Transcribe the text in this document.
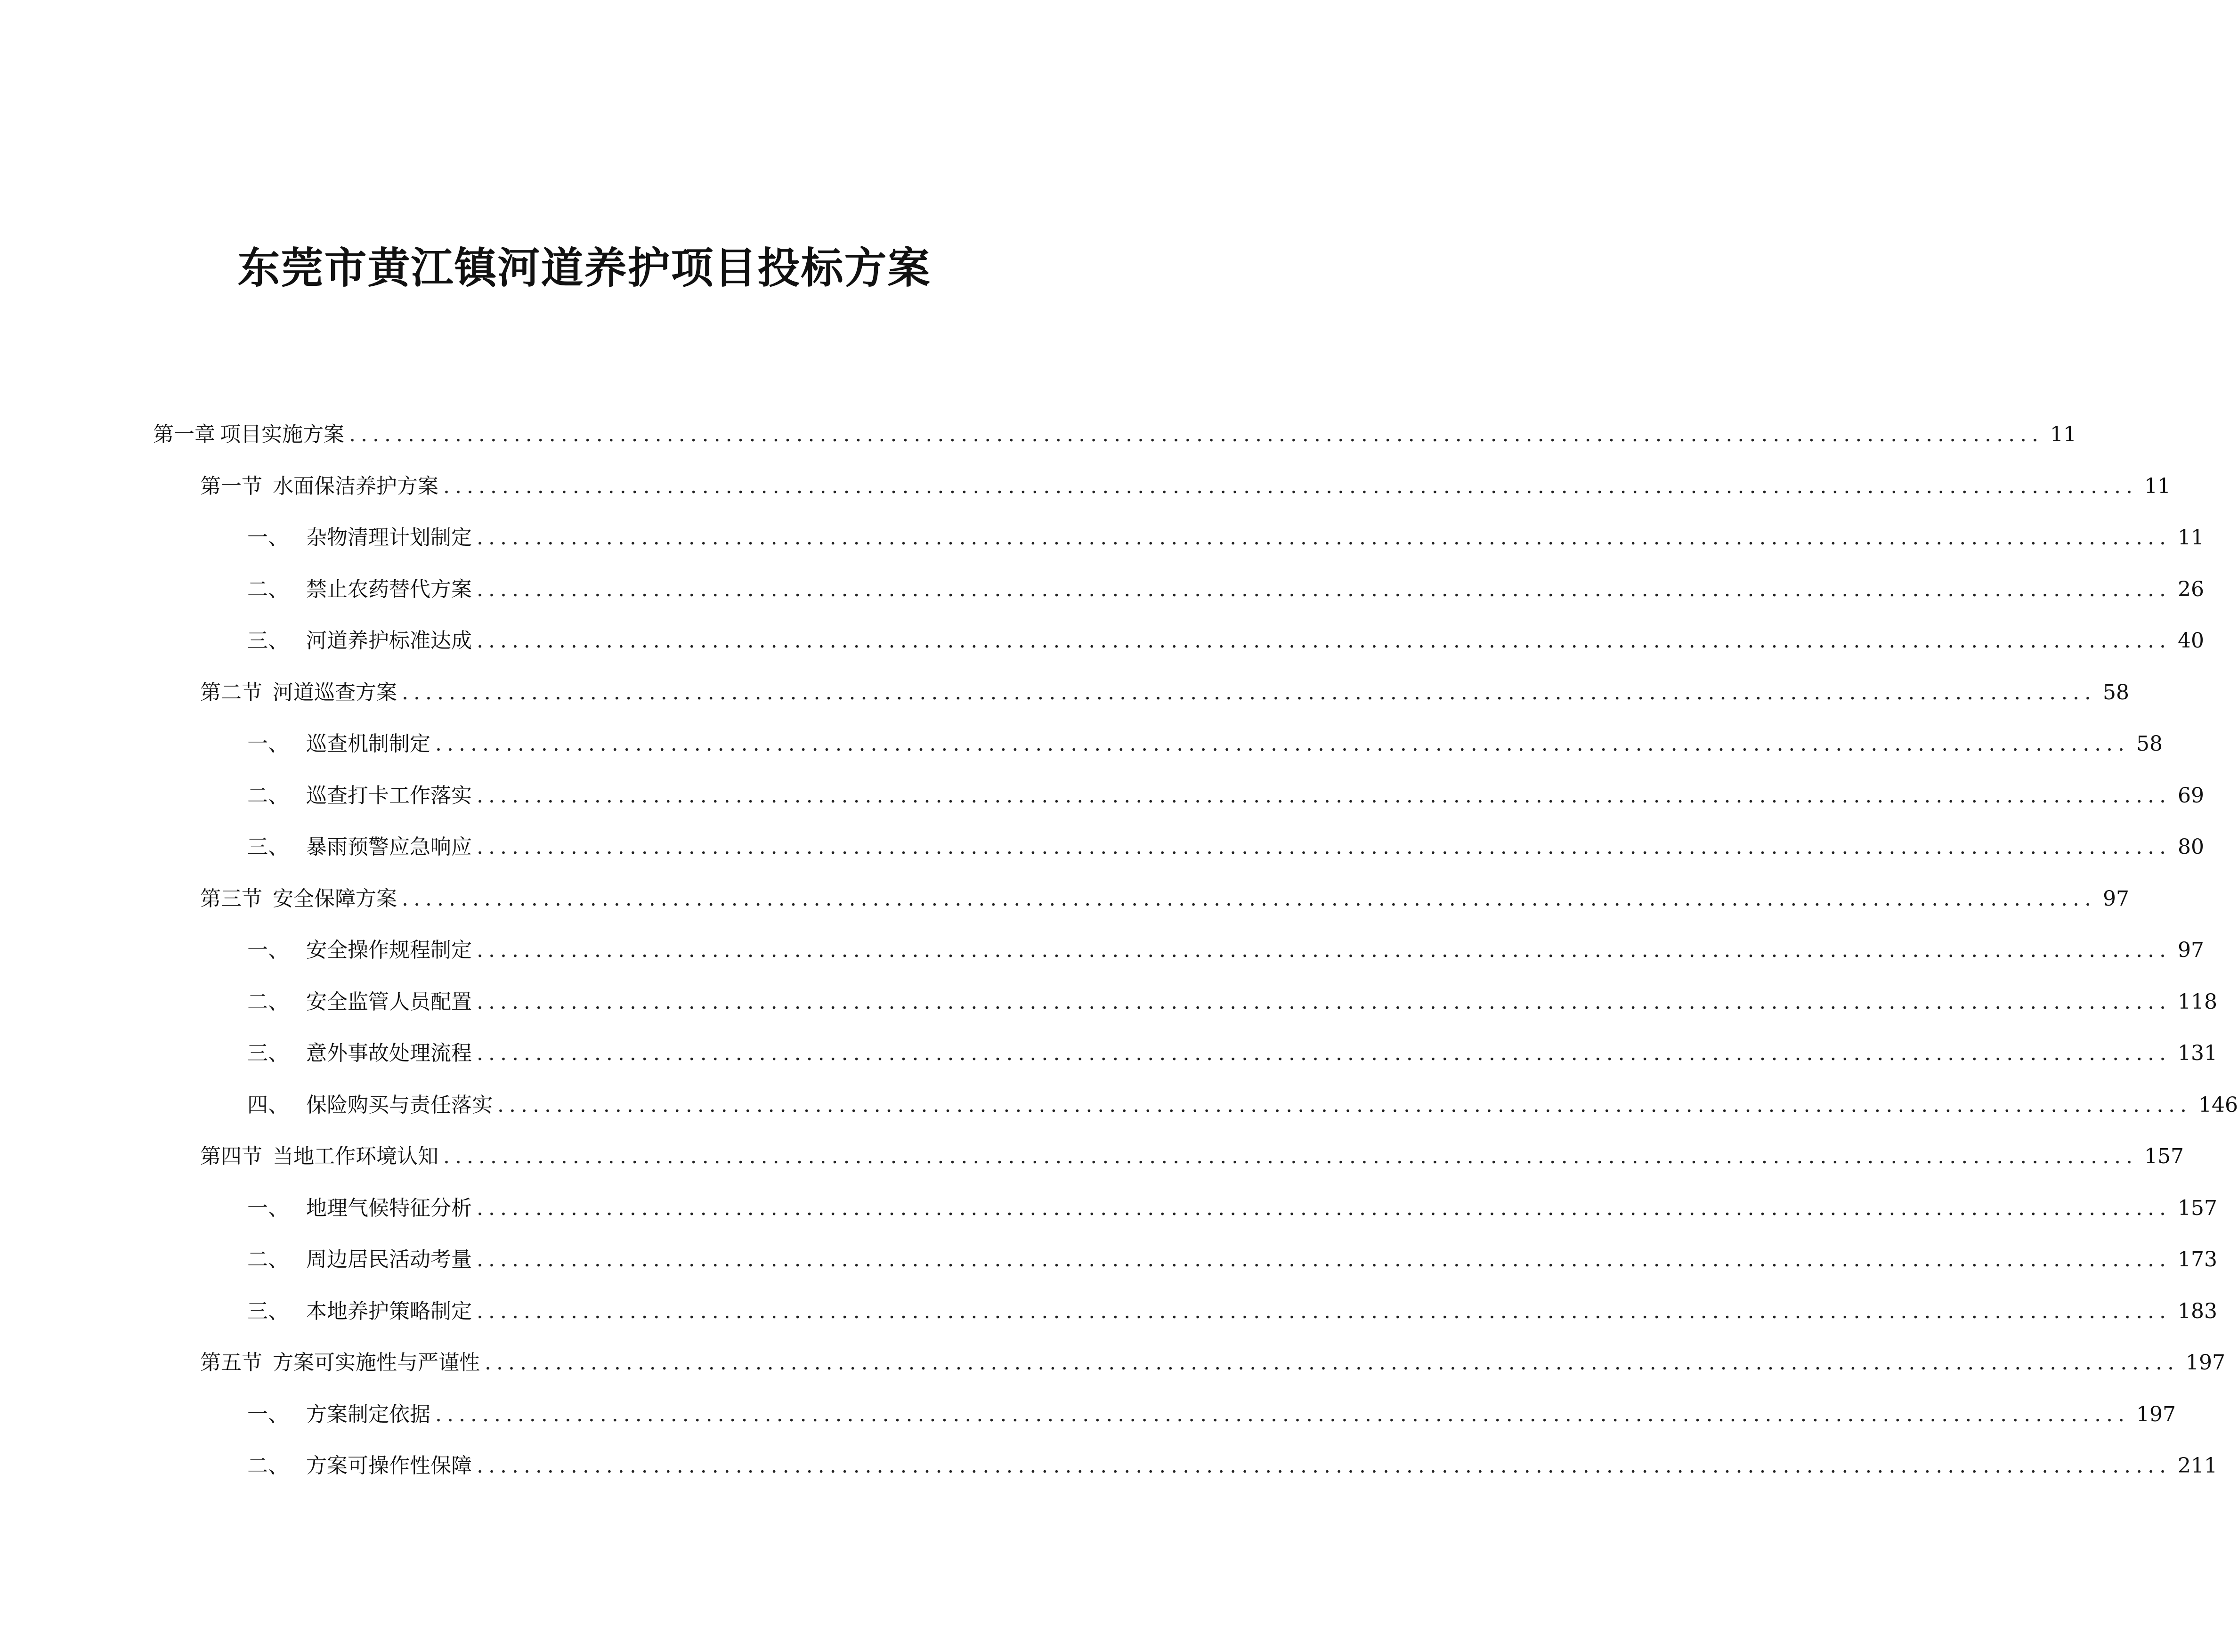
东莞市黄江镇河道养护项目投标方案
第一章 项目实施方案 ................................................................................................................................................ 11
第一节 水面保洁养护方案 ................................................................................................................................................ 11
一、 杂物清理计划制定 ................................................................................................................................................ 11
二、 禁止农药替代方案 ................................................................................................................................................ 26
三、 河道养护标准达成 ................................................................................................................................................ 40
第二节 河道巡查方案 ................................................................................................................................................ 58
一、 巡查机制制定 ................................................................................................................................................ 58
二、 巡查打卡工作落实 ................................................................................................................................................ 69
三、 暴雨预警应急响应 ................................................................................................................................................ 80
第三节 安全保障方案 ................................................................................................................................................ 97
一、 安全操作规程制定 ................................................................................................................................................ 97
二、 安全监管人员配置 ................................................................................................................................................ 118
三、 意外事故处理流程 ................................................................................................................................................ 131
四、 保险购买与责任落实 ................................................................................................................................................ 146
第四节 当地工作环境认知 ................................................................................................................................................ 157
一、 地理气候特征分析 ................................................................................................................................................ 157
二、 周边居民活动考量 ................................................................................................................................................ 173
三、 本地养护策略制定 ................................................................................................................................................ 183
第五节 方案可实施性与严谨性 ................................................................................................................................................ 197
一、 方案制定依据 ................................................................................................................................................ 197
二、 方案可操作性保障 ................................................................................................................................................ 211
